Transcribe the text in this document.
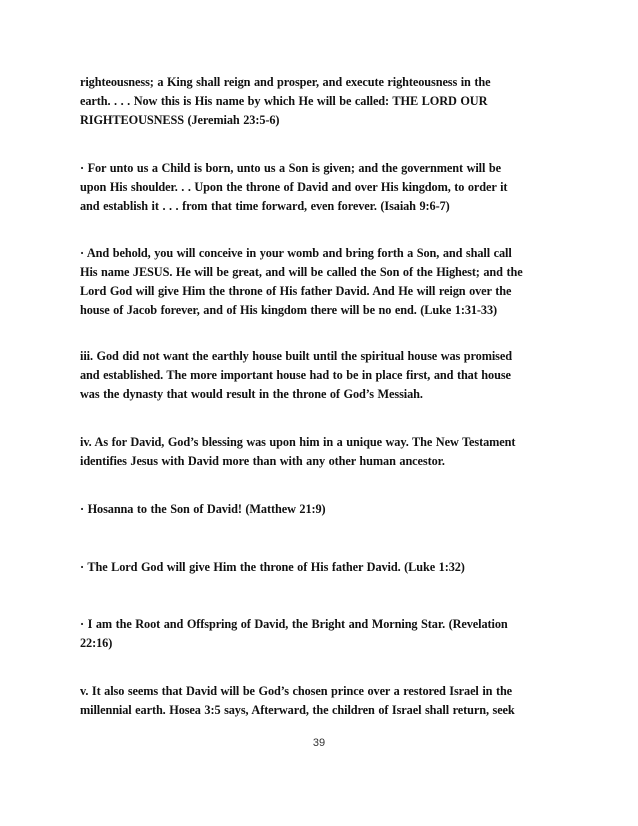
righteousness; a King shall reign and prosper, and execute righteousness in the
earth. . . . Now this is His name by which He will be called: THE LORD OUR
RIGHTEOUSNESS (Jeremiah 23:5-6)
· For unto us a Child is born, unto us a Son is given; and the government will be
upon His shoulder. . . Upon the throne of David and over His kingdom, to order it
and establish it . . . from that time forward, even forever. (Isaiah 9:6-7)
· And behold, you will conceive in your womb and bring forth a Son, and shall call
His name JESUS. He will be great, and will be called the Son of the Highest; and the
Lord God will give Him the throne of His father David. And He will reign over the
house of Jacob forever, and of His kingdom there will be no end. (Luke 1:31-33)
iii. God did not want the earthly house built until the spiritual house was promised
and established. The more important house had to be in place first, and that house
was the dynasty that would result in the throne of God’s Messiah.
iv. As for David, God’s blessing was upon him in a unique way. The New Testament
identifies Jesus with David more than with any other human ancestor.
· Hosanna to the Son of David! (Matthew 21:9)
· The Lord God will give Him the throne of His father David. (Luke 1:32)
· I am the Root and Offspring of David, the Bright and Morning Star. (Revelation
22:16)
v. It also seems that David will be God’s chosen prince over a restored Israel in the
millennial earth. Hosea 3:5 says, Afterward, the children of Israel shall return, seek
39
